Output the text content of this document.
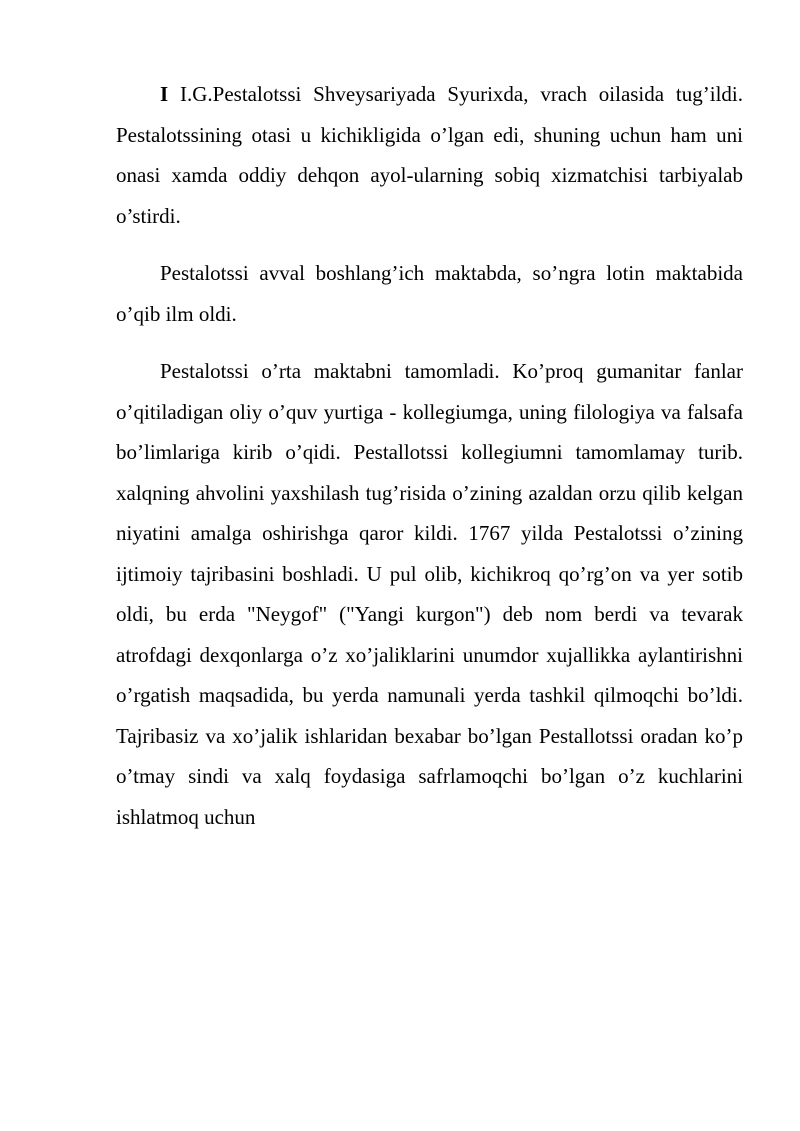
I I.G.Pestalotssi Shveysariyada Syurixda, vrach oilasida tug’ildi. Pestalotssining otasi u kichikligida o’lgan edi, shuning uchun ham uni onasi xamda oddiy dehqon ayol-ularning sobiq xizmatchisi tarbiyalab o’stirdi.

Pestalotssi avval boshlang’ich maktabda, so’ngra lotin maktabida o’qib ilm oldi.

Pestalotssi o’rta maktabni tamomladi. Ko’proq gumanitar fanlar o’qitiladigan oliy o’quv yurtiga - kollegiumga, uning filologiya va falsafa bo’limlariga kirib o’qidi. Pestallotssi kollegiumni tamomlamay turib. xalqning ahvolini yaxshilash tug’risida o’zining azaldan orzu qilib kelgan niyatini amalga oshirishga qaror kildi. 1767 yilda Pestalotssi o’zining ijtimoiy tajribasini boshladi. U pul olib, kichikroq qo’rg’on va yer sotib oldi, bu erda "Neygof" ("Yangi kurgon") deb nom berdi va tevarak atrofdagi dexqonlarga o’z xo’jaliklarini unumdor xujallikka aylantirishni o’rgatish maqsadida, bu yerda namunali yerda tashkil qilmoqchi bo’ldi. Tajribasiz va xo’jalik ishlaridan bexabar bo’lgan Pestallotssi oradan ko’p o’tmay sindi va xalq foydasiga safrlamoqchi bo’lgan o’z kuchlarini ishlatmoq uchun
